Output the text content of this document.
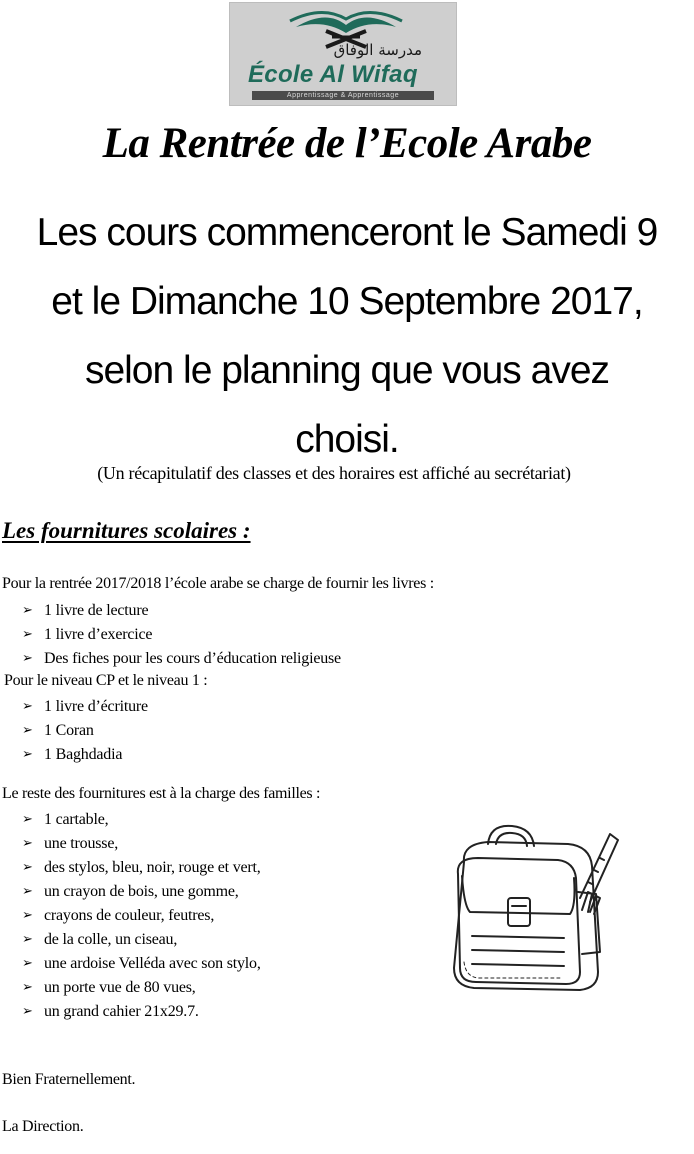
مدرسة الوفاق
École Al Wifaq
Apprentissage & Apprentissage
La Rentrée de l’Ecole Arabe
Les cours commenceront le Samedi 9
et le Dimanche 10 Septembre 2017,
selon le planning que vous avez
choisi.
(Un récapitulatif des classes et des horaires est affiché au secrétariat)
Les fournitures scolaires :
Pour la rentrée 2017/2018 l’école arabe se charge de fournir les livres :
➢ 1 livre de lecture
➢ 1 livre d’exercice
➢ Des fiches pour les cours d’éducation religieuse
Pour le niveau CP et le niveau 1 :
➢ 1 livre d’écriture
➢ 1 Coran
➢ 1 Baghdadia
Le reste des fournitures est à la charge des familles :
➢ 1 cartable,
➢ une trousse,
➢ des stylos, bleu, noir, rouge et vert,
➢ un crayon de bois, une gomme,
➢ crayons de couleur, feutres,
➢ de la colle, un ciseau,
➢ une ardoise Velléda avec son stylo,
➢ un porte vue de 80 vues,
➢ un grand cahier 21x29.7.
Bien Fraternellement.
La Direction.
